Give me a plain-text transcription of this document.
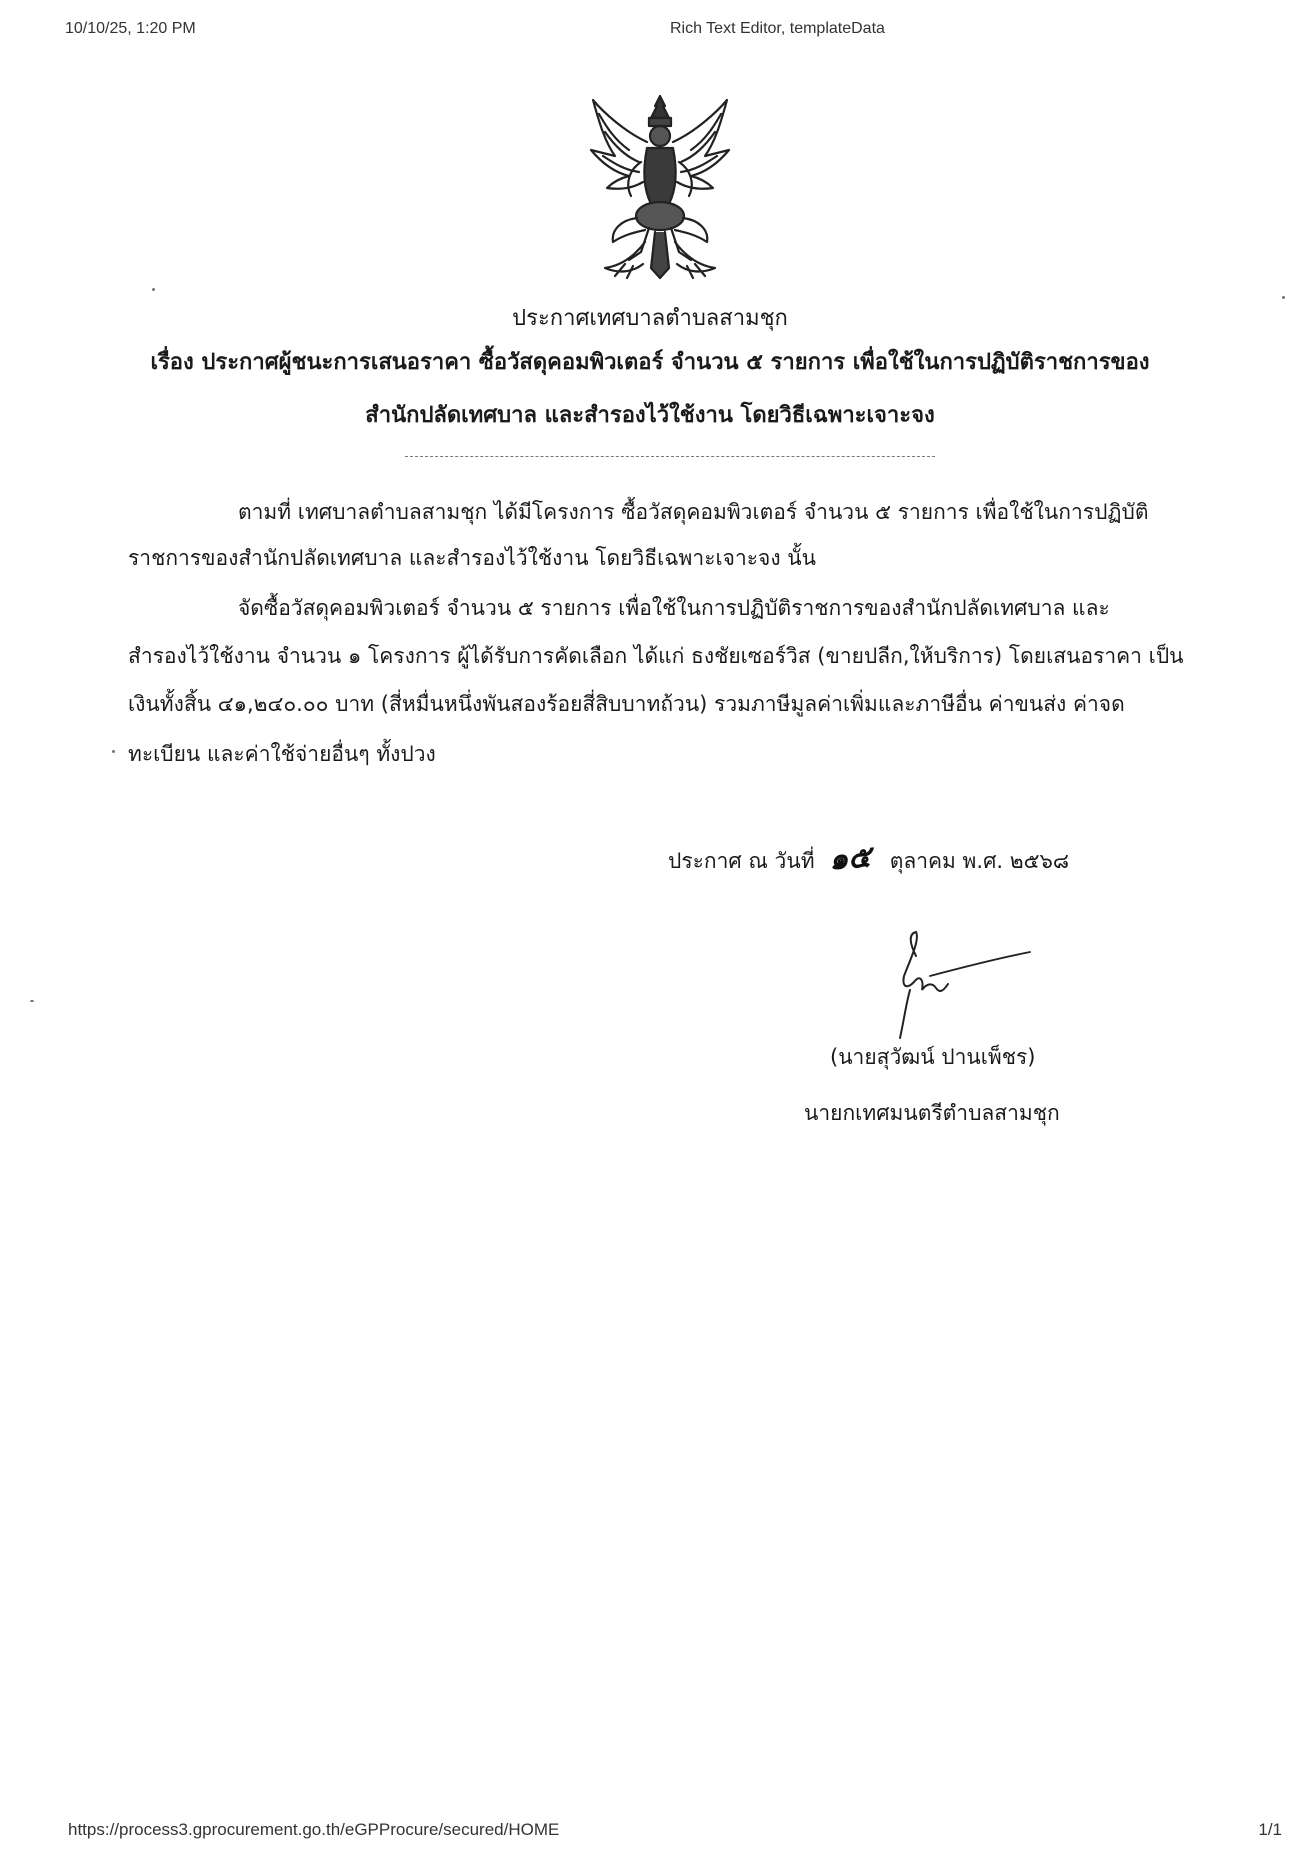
10/10/25, 1:20 PM	Rich Text Editor, templateData
ประกาศเทศบาลตำบลสามชุก
เรื่อง ประกาศผู้ชนะการเสนอราคา ซื้อวัสดุคอมพิวเตอร์ จำนวน ๕ รายการ เพื่อใช้ในการปฏิบัติราชการของ
สำนักปลัดเทศบาล และสำรองไว้ใช้งาน โดยวิธีเฉพาะเจาะจง
ตามที่ เทศบาลตำบลสามชุก ได้มีโครงการ ซื้อวัสดุคอมพิวเตอร์ จำนวน ๕ รายการ เพื่อใช้ในการปฏิบัติ
ราชการของสำนักปลัดเทศบาล และสำรองไว้ใช้งาน โดยวิธีเฉพาะเจาะจง นั้น
จัดซื้อวัสดุคอมพิวเตอร์ จำนวน ๕ รายการ เพื่อใช้ในการปฏิบัติราชการของสำนักปลัดเทศบาล และ
สำรองไว้ใช้งาน จำนวน ๑ โครงการ ผู้ได้รับการคัดเลือก ได้แก่ ธงชัยเซอร์วิส (ขายปลีก,ให้บริการ) โดยเสนอราคา เป็น
เงินทั้งสิ้น ๔๑,๒๔๐.๐๐ บาท (สี่หมื่นหนึ่งพันสองร้อยสี่สิบบาทถ้วน) รวมภาษีมูลค่าเพิ่มและภาษีอื่น ค่าขนส่ง ค่าจด
ทะเบียน และค่าใช้จ่ายอื่นๆ ทั้งปวง
ประกาศ ณ วันที่ ๑๕ ตุลาคม พ.ศ. ๒๕๖๘
(นายสุวัฒน์ ปานเพ็ชร)
นายกเทศมนตรีตำบลสามชุก
https://process3.gprocurement.go.th/eGPProcure/secured/HOME	1/1
